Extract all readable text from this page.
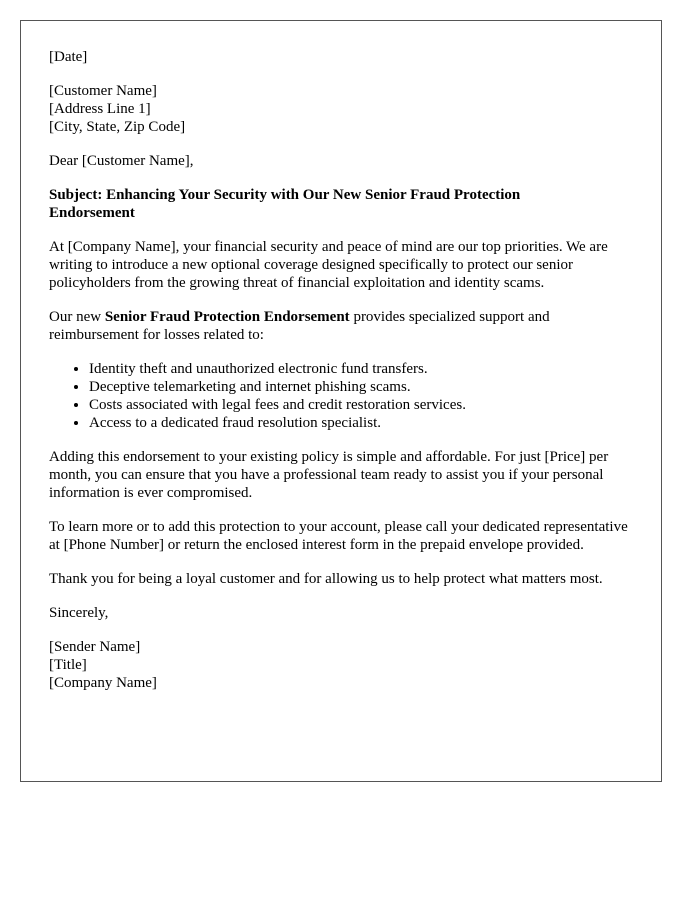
[Date]

[Customer Name]
[Address Line 1]
[City, State, Zip Code]

Dear [Customer Name],

Subject: Enhancing Your Security with Our New Senior Fraud Protection
Endorsement

At [Company Name], your financial security and peace of mind are our top priorities. We are writing to introduce a new optional coverage designed specifically to protect our senior policyholders from the growing threat of financial exploitation and identity scams.

Our new Senior Fraud Protection Endorsement provides specialized support and reimbursement for losses related to:

• Identity theft and unauthorized electronic fund transfers.
• Deceptive telemarketing and internet phishing scams.
• Costs associated with legal fees and credit restoration services.
• Access to a dedicated fraud resolution specialist.

Adding this endorsement to your existing policy is simple and affordable. For just [Price] per month, you can ensure that you have a professional team ready to assist you if your personal information is ever compromised.

To learn more or to add this protection to your account, please call your dedicated representative at [Phone Number] or return the enclosed interest form in the prepaid envelope provided.

Thank you for being a loyal customer and for allowing us to help protect what matters most.

Sincerely,

[Sender Name]
[Title]
[Company Name]
